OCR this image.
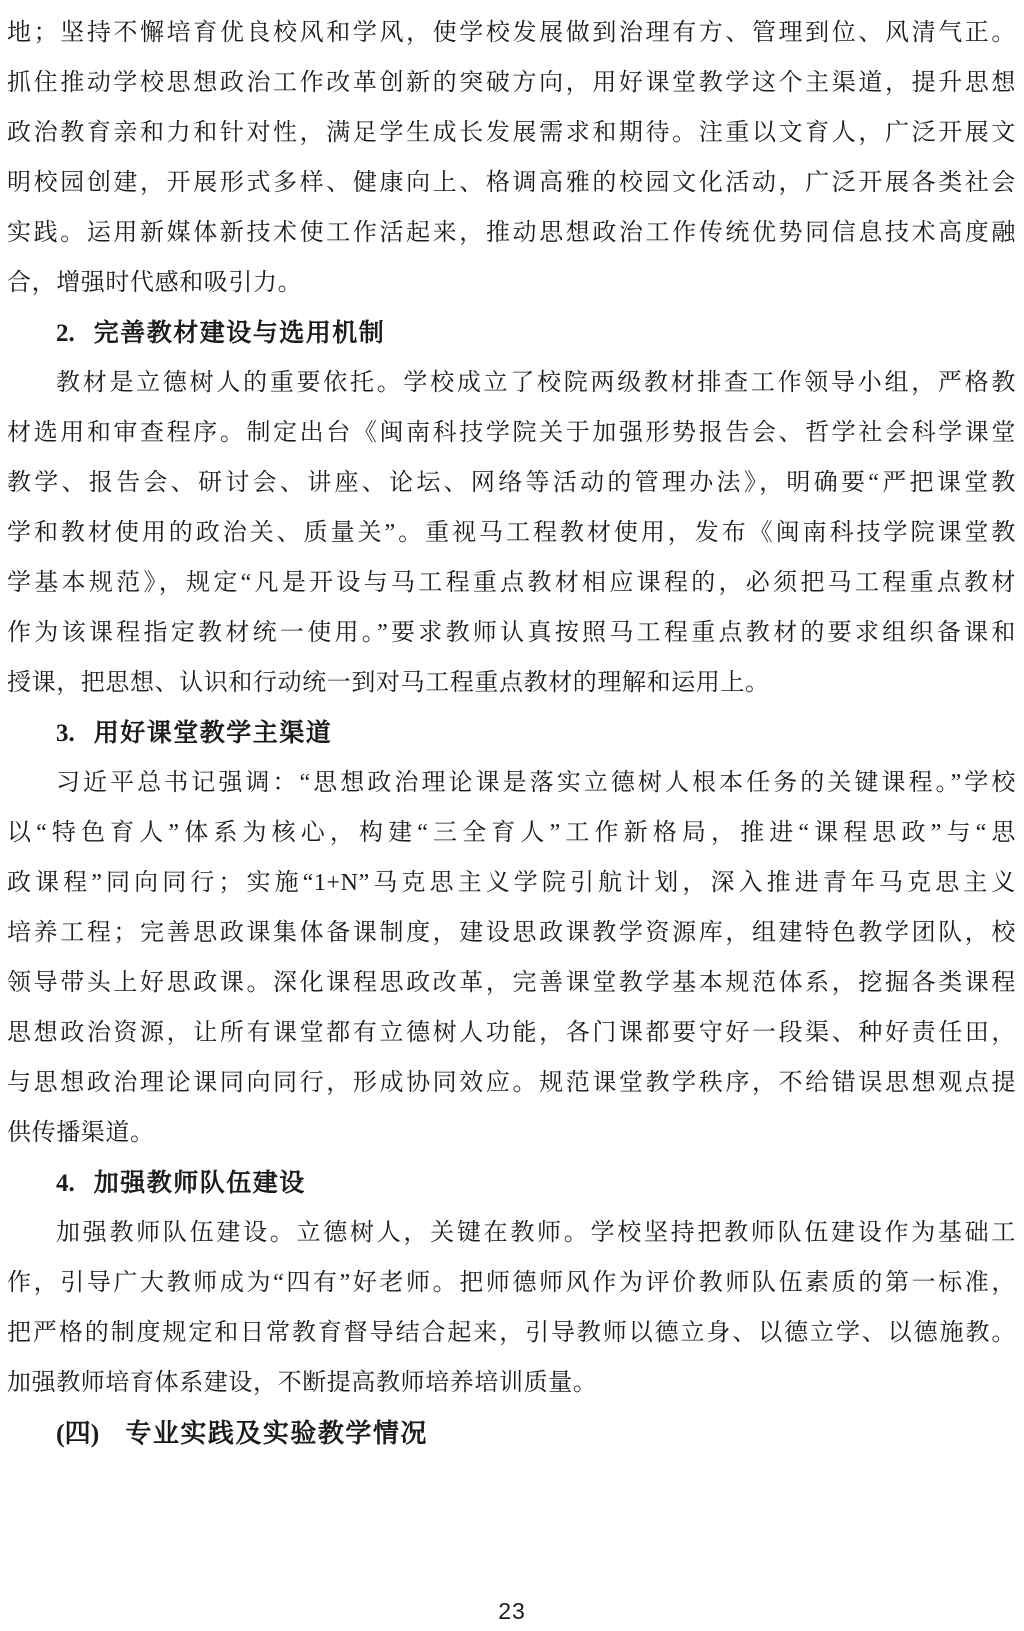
地；坚持不懈培育优良校风和学风，使学校发展做到治理有方、管理到位、风清气正。
抓住推动学校思想政治工作改革创新的突破方向，用好课堂教学这个主渠道，提升思想
政治教育亲和力和针对性，满足学生成长发展需求和期待。注重以文育人，广泛开展文
明校园创建，开展形式多样、健康向上、格调高雅的校园文化活动，广泛开展各类社会
实践。运用新媒体新技术使工作活起来，推动思想政治工作传统优势同信息技术高度融
合，增强时代感和吸引力。
2. 完善教材建设与选用机制
教材是立德树人的重要依托。学校成立了校院两级教材排查工作领导小组，严格教
材选用和审查程序。制定出台《闽南科技学院关于加强形势报告会、哲学社会科学课堂
教学、报告会、研讨会、讲座、论坛、网络等活动的管理办法》，明确要“严把课堂教
学和教材使用的政治关、质量关”。重视马工程教材使用，发布《闽南科技学院课堂教
学基本规范》，规定“凡是开设与马工程重点教材相应课程的，必须把马工程重点教材
作为该课程指定教材统一使用。”要求教师认真按照马工程重点教材的要求组织备课和
授课，把思想、认识和行动统一到对马工程重点教材的理解和运用上。
3. 用好课堂教学主渠道
习近平总书记强调：“思想政治理论课是落实立德树人根本任务的关键课程。”学校
以“特色育人”体系为核心，构建“三全育人”工作新格局，推进“课程思政”与“思
政课程”同向同行；实施“1+N”马克思主义学院引航计划，深入推进青年马克思主义
培养工程；完善思政课集体备课制度，建设思政课教学资源库，组建特色教学团队，校
领导带头上好思政课。深化课程思政改革，完善课堂教学基本规范体系，挖掘各类课程
思想政治资源，让所有课堂都有立德树人功能，各门课都要守好一段渠、种好责任田，
与思想政治理论课同向同行，形成协同效应。规范课堂教学秩序，不给错误思想观点提
供传播渠道。
4. 加强教师队伍建设
加强教师队伍建设。立德树人，关键在教师。学校坚持把教师队伍建设作为基础工
作，引导广大教师成为“四有”好老师。把师德师风作为评价教师队伍素质的第一标准，
把严格的制度规定和日常教育督导结合起来，引导教师以德立身、以德立学、以德施教。
加强教师培育体系建设，不断提高教师培养培训质量。
(四) 专业实践及实验教学情况
23
